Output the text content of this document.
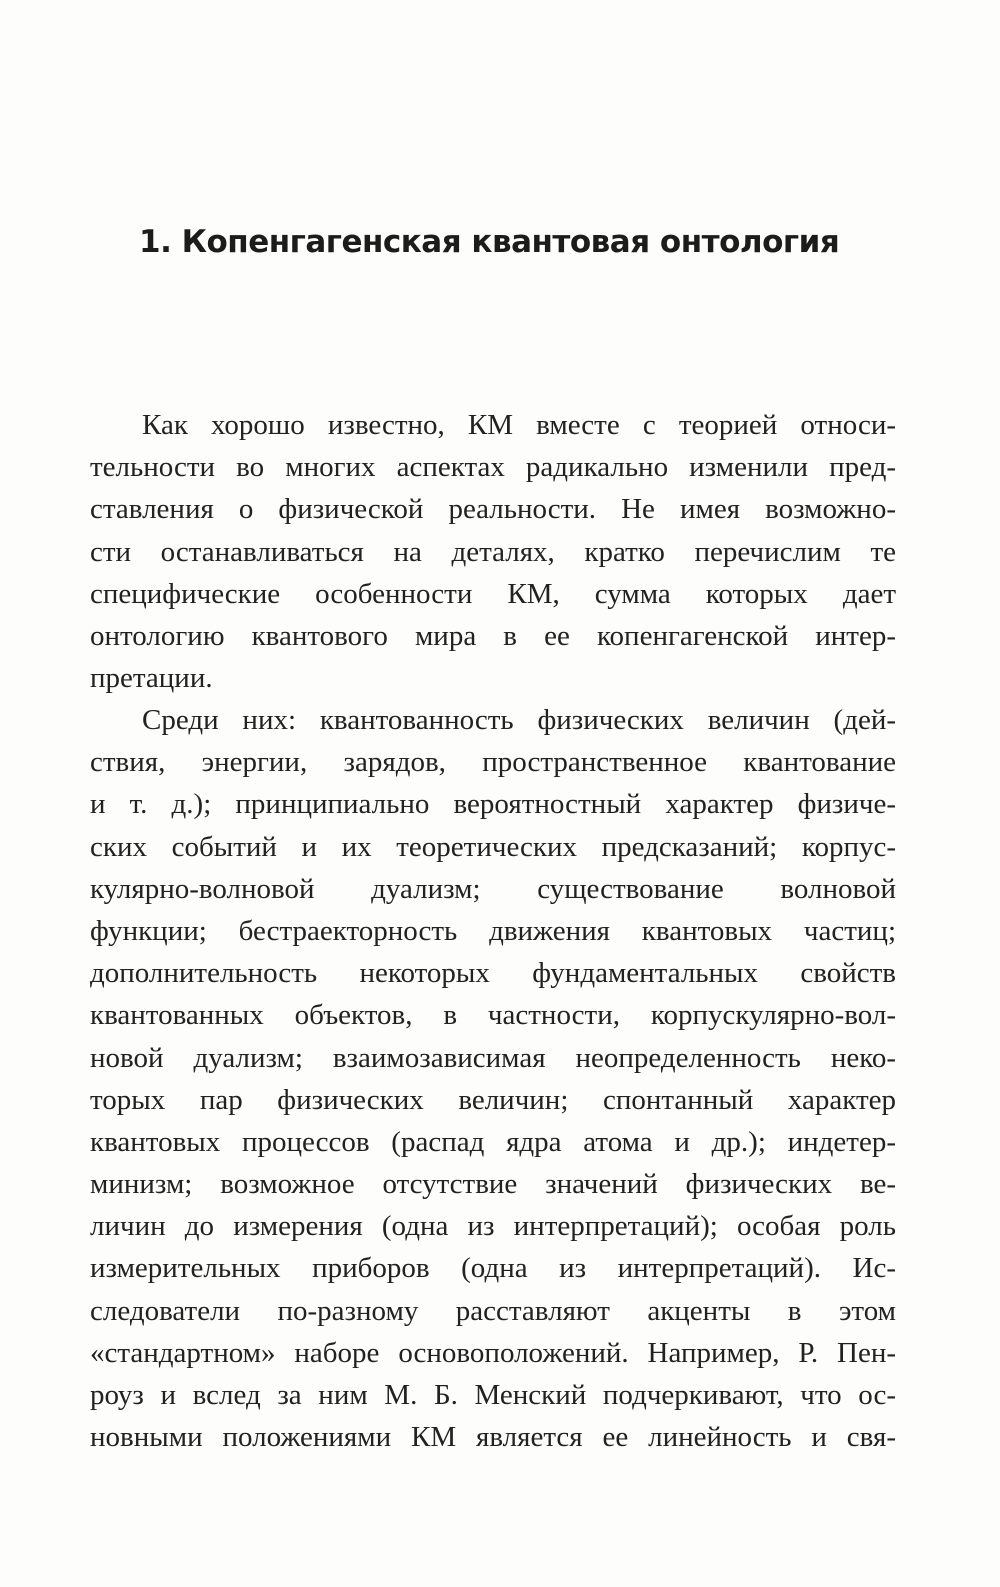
1. Копенгагенская квантовая онтология
Как хорошо известно, КМ вместе с теорией относи-
тельности во многих аспектах радикально изменили пред-
ставления о физической реальности. Не имея возможно-
сти останавливаться на деталях, кратко перечислим те
специфические особенности КМ, сумма которых дает
онтологию квантового мира в ее копенгагенской интер-
претации.
Среди них: квантованность физических величин (дей-
ствия, энергии, зарядов, пространственное квантование
и т. д.); принципиально вероятностный характер физиче-
ских событий и их теоретических предсказаний; корпус-
кулярно-волновой дуализм; существование волновой
функции; бестраекторность движения квантовых частиц;
дополнительность некоторых фундаментальных свойств
квантованных объектов, в частности, корпускулярно-вол-
новой дуализм; взаимозависимая неопределенность неко-
торых пар физических величин; спонтанный характер
квантовых процессов (распад ядра атома и др.); индетер-
минизм; возможное отсутствие значений физических ве-
личин до измерения (одна из интерпретаций); особая роль
измерительных приборов (одна из интерпретаций). Ис-
следователи по-разному расставляют акценты в этом
«стандартном» наборе основоположений. Например, Р. Пен-
роуз и вслед за ним М. Б. Менский подчеркивают, что ос-
новными положениями КМ является ее линейность и свя-
